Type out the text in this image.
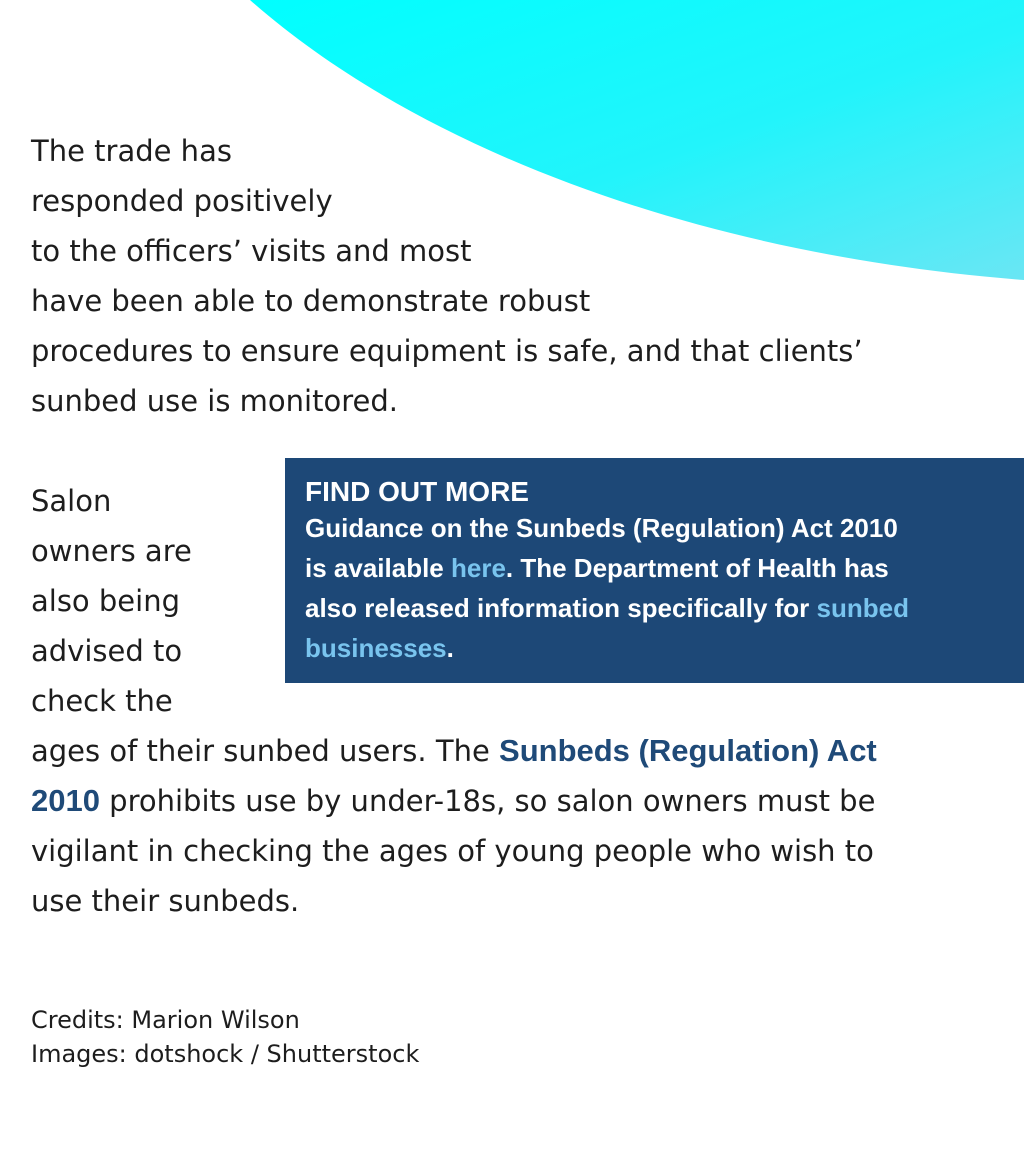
The trade has

responded positively

to the officers’ visits and most

have been able to demonstrate robust

procedures to ensure equipment is safe, and that clients’

sunbed use is monitored.

Salon

owners are

also being

advised to

check the

ages of their sunbed users. The Sunbeds (Regulation) Act

2010 prohibits use by under-18s, so salon owners must be

vigilant in checking the ages of young people who wish to

use their sunbeds.

FIND OUT MORE

Guidance on the Sunbeds (Regulation) Act 2010

is available here. The Department of Health has

also released information specifically for sunbed

businesses.

Credits: Marion Wilson

Images: dotshock / Shutterstock
